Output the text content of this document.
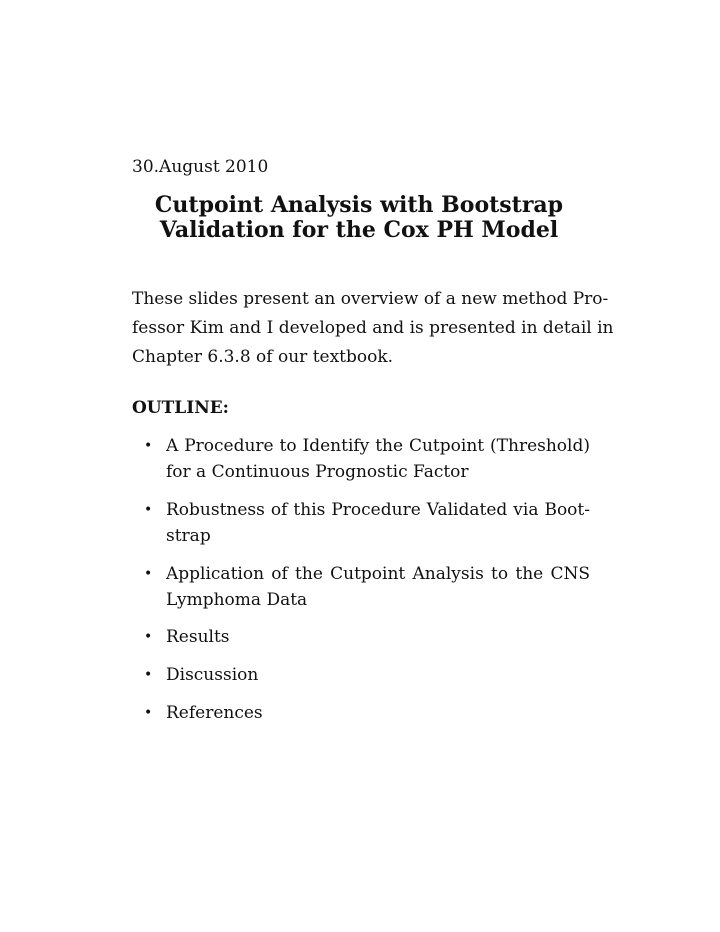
30.August 2010
Cutpoint Analysis with Bootstrap
Validation for the Cox PH Model

These slides present an overview of a new method Pro-
fessor Kim and I developed and is presented in detail in
Chapter 6.3.8 of our textbook.

OUTLINE:
• A Procedure to Identify the Cutpoint (Threshold)
for a Continuous Prognostic Factor
• Robustness of this Procedure Validated via Boot-
strap
• Application of the Cutpoint Analysis to the CNS
Lymphoma Data
• Results
• Discussion
• References
